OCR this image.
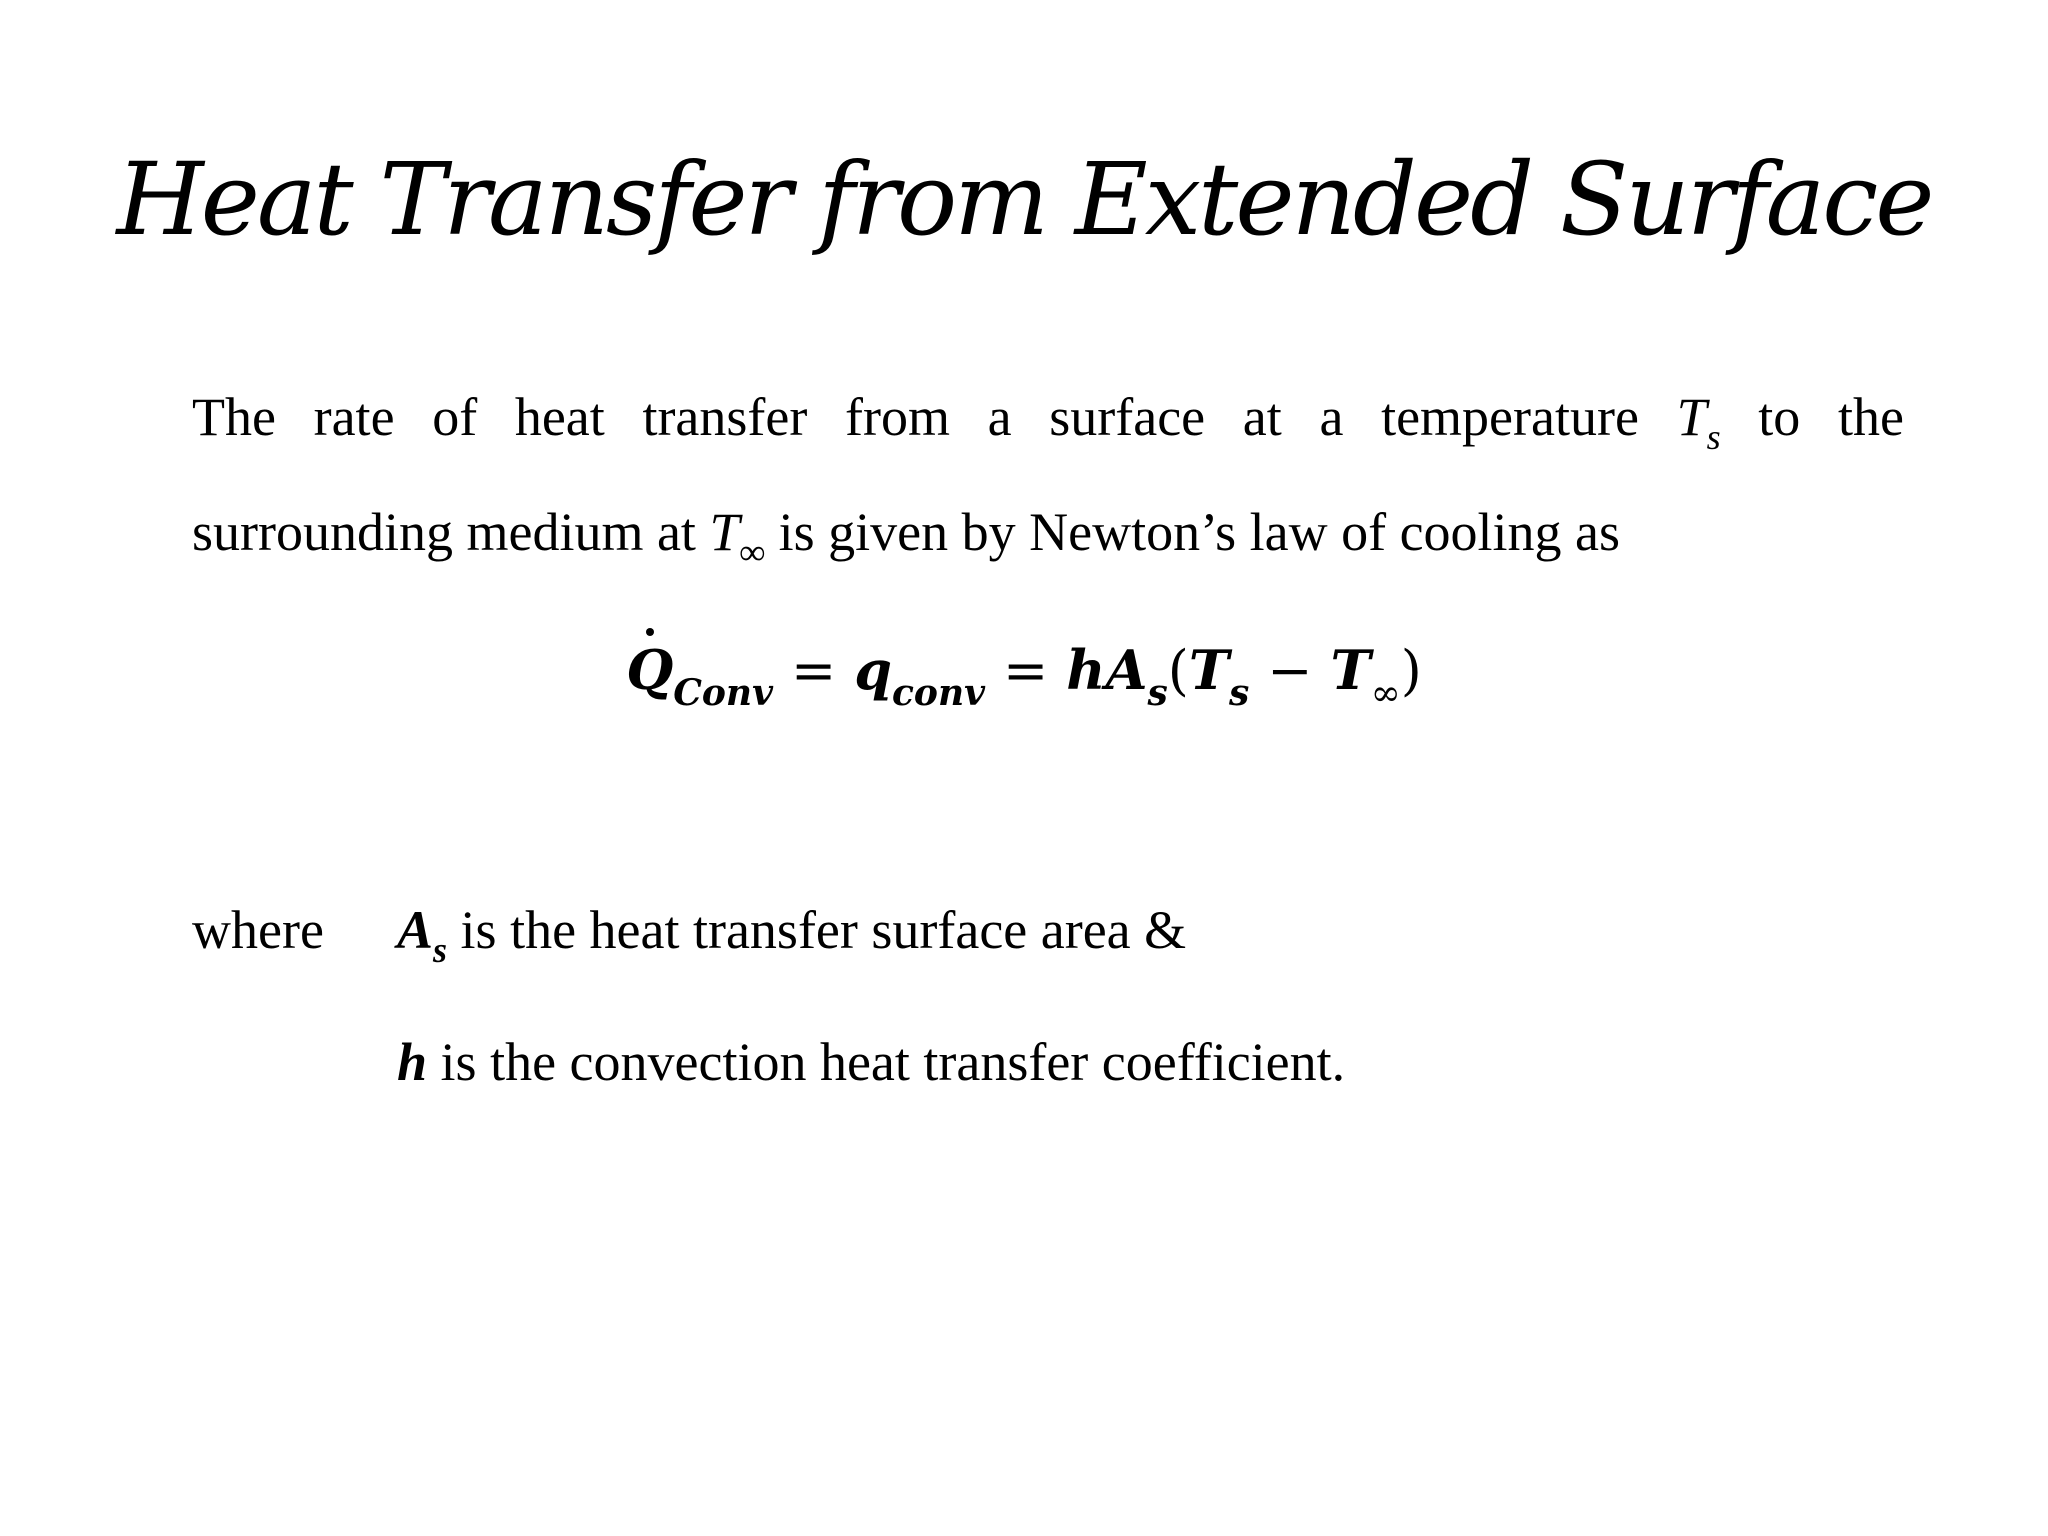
Heat Transfer from Extended Surface
The rate of heat transfer from a surface at a temperature $T_s$ to the
surrounding medium at $T_\infty$ is given by Newton’s law of cooling as
$Q_{Conv} = q_{conv} = hA_s(T_s - T_\infty)$
where $A_s$ is the heat transfer surface area &
h is the convection heat transfer coefficient.
